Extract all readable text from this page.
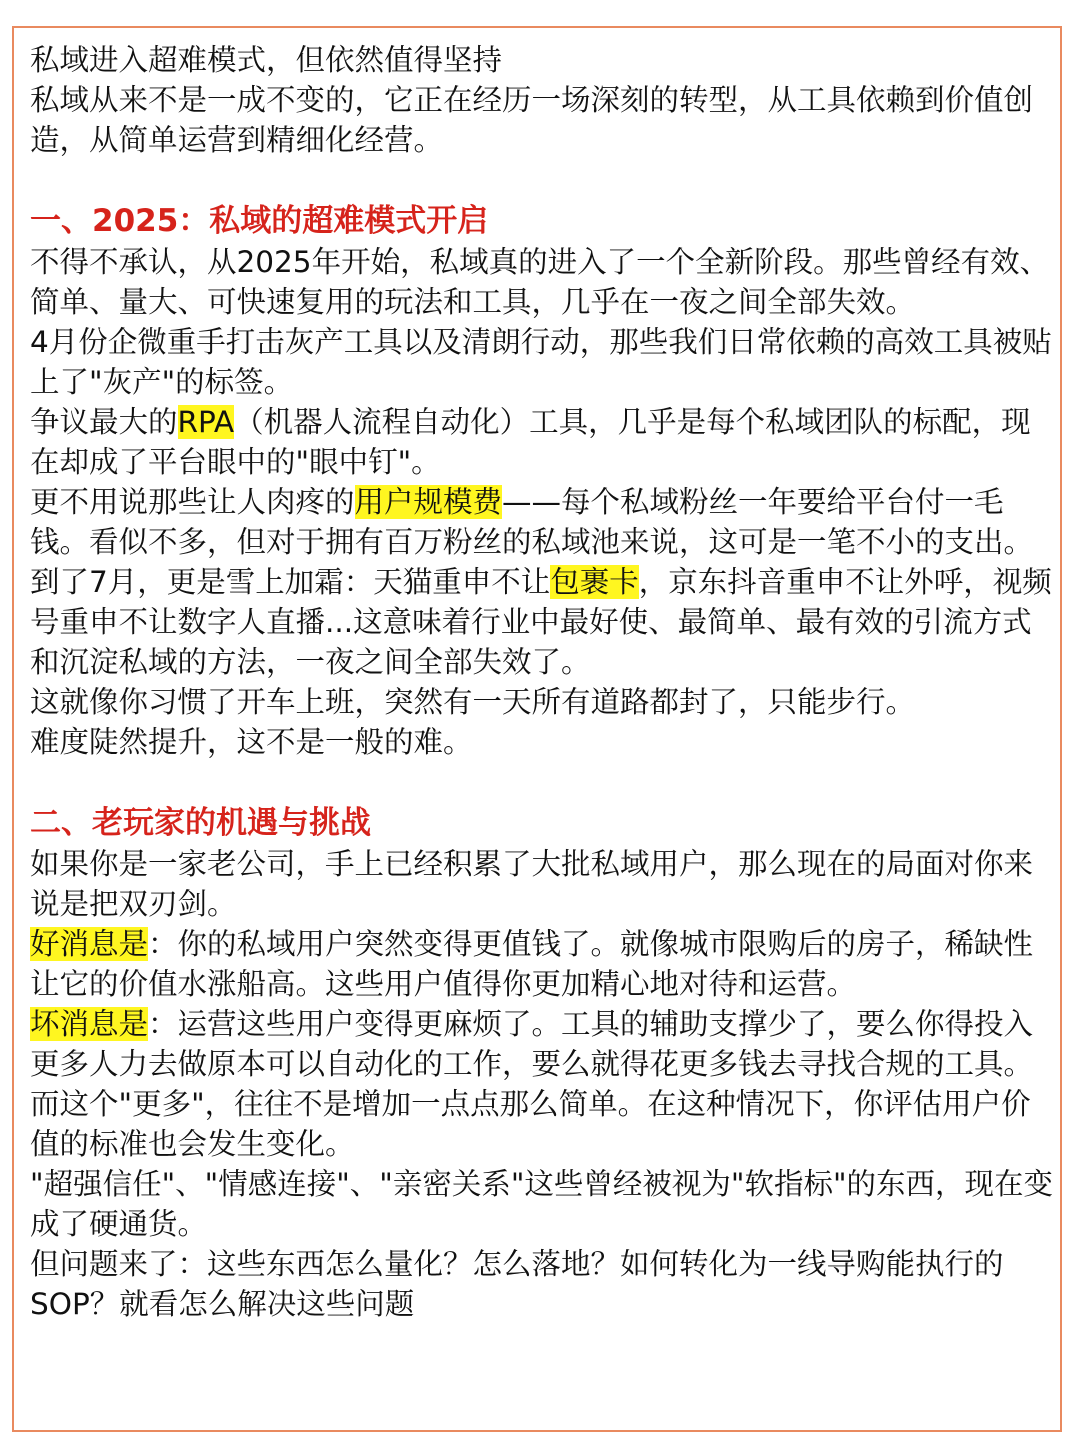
私域进入超难模式，但依然值得坚持

私域从来不是一成不变的，它正在经历一场深刻的转型，从工具依赖到价值创造，从简单运营到精细化经营。

一、2025：私域的超难模式开启

不得不承认，从2025年开始，私域真的进入了一个全新阶段。那些曾经有效、简单、量大、可快速复用的玩法和工具，几乎在一夜之间全部失效。

4月份企微重手打击灰产工具以及清朗行动，那些我们日常依赖的高效工具被贴上了"灰产"的标签。

争议最大的RPA（机器人流程自动化）工具，几乎是每个私域团队的标配，现在却成了平台眼中的"眼中钉"。

更不用说那些让人肉疼的用户规模费——每个私域粉丝一年要给平台付一毛钱。看似不多，但对于拥有百万粉丝的私域池来说，这可是一笔不小的支出。

到了7月，更是雪上加霜：天猫重申不让包裹卡，京东抖音重申不让外呼，视频号重申不让数字人直播...这意味着行业中最好使、最简单、最有效的引流方式和沉淀私域的方法，一夜之间全部失效了。

这就像你习惯了开车上班，突然有一天所有道路都封了，只能步行。

难度陡然提升，这不是一般的难。

二、老玩家的机遇与挑战

如果你是一家老公司，手上已经积累了大批私域用户，那么现在的局面对你来说是把双刃剑。

好消息是：你的私域用户突然变得更值钱了。就像城市限购后的房子，稀缺性让它的价值水涨船高。这些用户值得你更加精心地对待和运营。

坏消息是：运营这些用户变得更麻烦了。工具的辅助支撑少了，要么你得投入更多人力去做原本可以自动化的工作，要么就得花更多钱去寻找合规的工具。而这个"更多"，往往不是增加一点点那么简单。在这种情况下，你评估用户价值的标准也会发生变化。

"超强信任"、"情感连接"、"亲密关系"这些曾经被视为"软指标"的东西，现在变成了硬通货。

但问题来了：这些东西怎么量化？怎么落地？如何转化为一线导购能执行的SOP？就看怎么解决这些问题
